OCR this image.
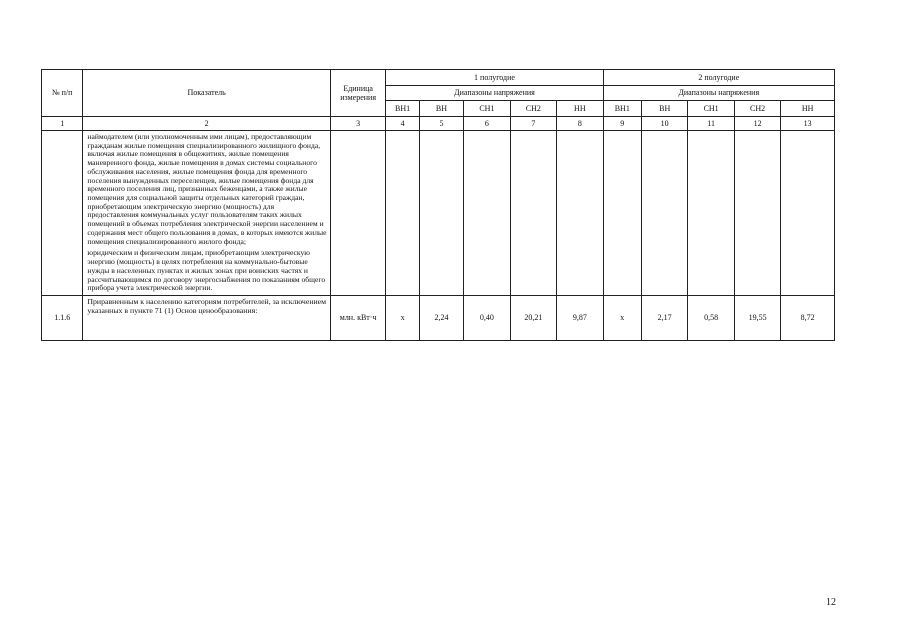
№ п/п	Показатель	Единица измерения	1 полугодие					2 полугодие				
			Диапазоны напряжения					Диапазоны напряжения				
			ВН1	ВН	СН1	СН2	НН	ВН1	ВН	СН1	СН2	НН
1	2	3	4	5	6	7	8	9	10	11	12	13

	наймодателем (или уполномоченным ими лицам), предоставляющим гражданам жилые помещения специализированного жилищного фонда, включая жилые помещения в общежитиях, жилые помещения маневренного фонда, жилые помещения в домах системы социального обслуживания населения, жилые помещения фонда для временного поселения вынужденных переселенцев, жилые помещения фонда для временного поселения лиц, признанных беженцами, а также жилые помещения для социальной защиты отдельных категорий граждан, приобретающим электрическую энергию (мощность) для предоставления коммунальных услуг пользователям таких жилых помещений в объемах потребления электрической энергии населением и содержания мест общего пользования в домах, в которых имеются жилые помещения специализированного жилого фонда;

юридическим и физическим лицам, приобретающим электрическую энергию (мощность) в целях потребления на коммунально-бытовые нужды в населенных пунктах и жилых зонах при воинских частях и рассчитывающимся по договору энергоснабжения по показаниям общего прибора учета электрической энергии.											

1.1.6	Приравненным к населению категориям потребителей, за исключением указанных в пункте 71 (1) Основ ценообразования:	млн. кВт·ч	х	2,24	0,40	20,21	9,87	х	2,17	0,58	19,55	8,72
12
